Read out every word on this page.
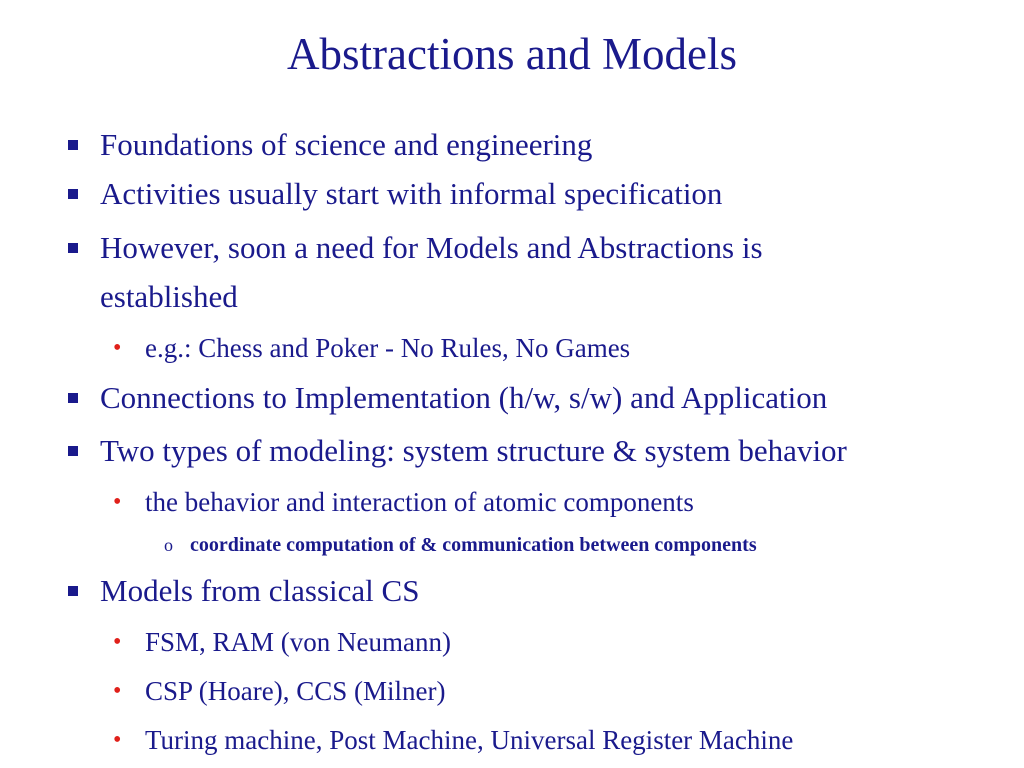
Abstractions and Models
Foundations of science and engineering
Activities usually start with informal specification
However, soon a need for Models and Abstractions is
established
• e.g.: Chess and Poker - No Rules, No Games
Connections to Implementation (h/w, s/w) and Application
Two types of modeling: system structure & system behavior
• the behavior and interaction of atomic components
o coordinate computation of & communication between components
Models from classical CS
• FSM, RAM (von Neumann)
• CSP (Hoare), CCS (Milner)
• Turing machine, Post Machine, Universal Register Machine
